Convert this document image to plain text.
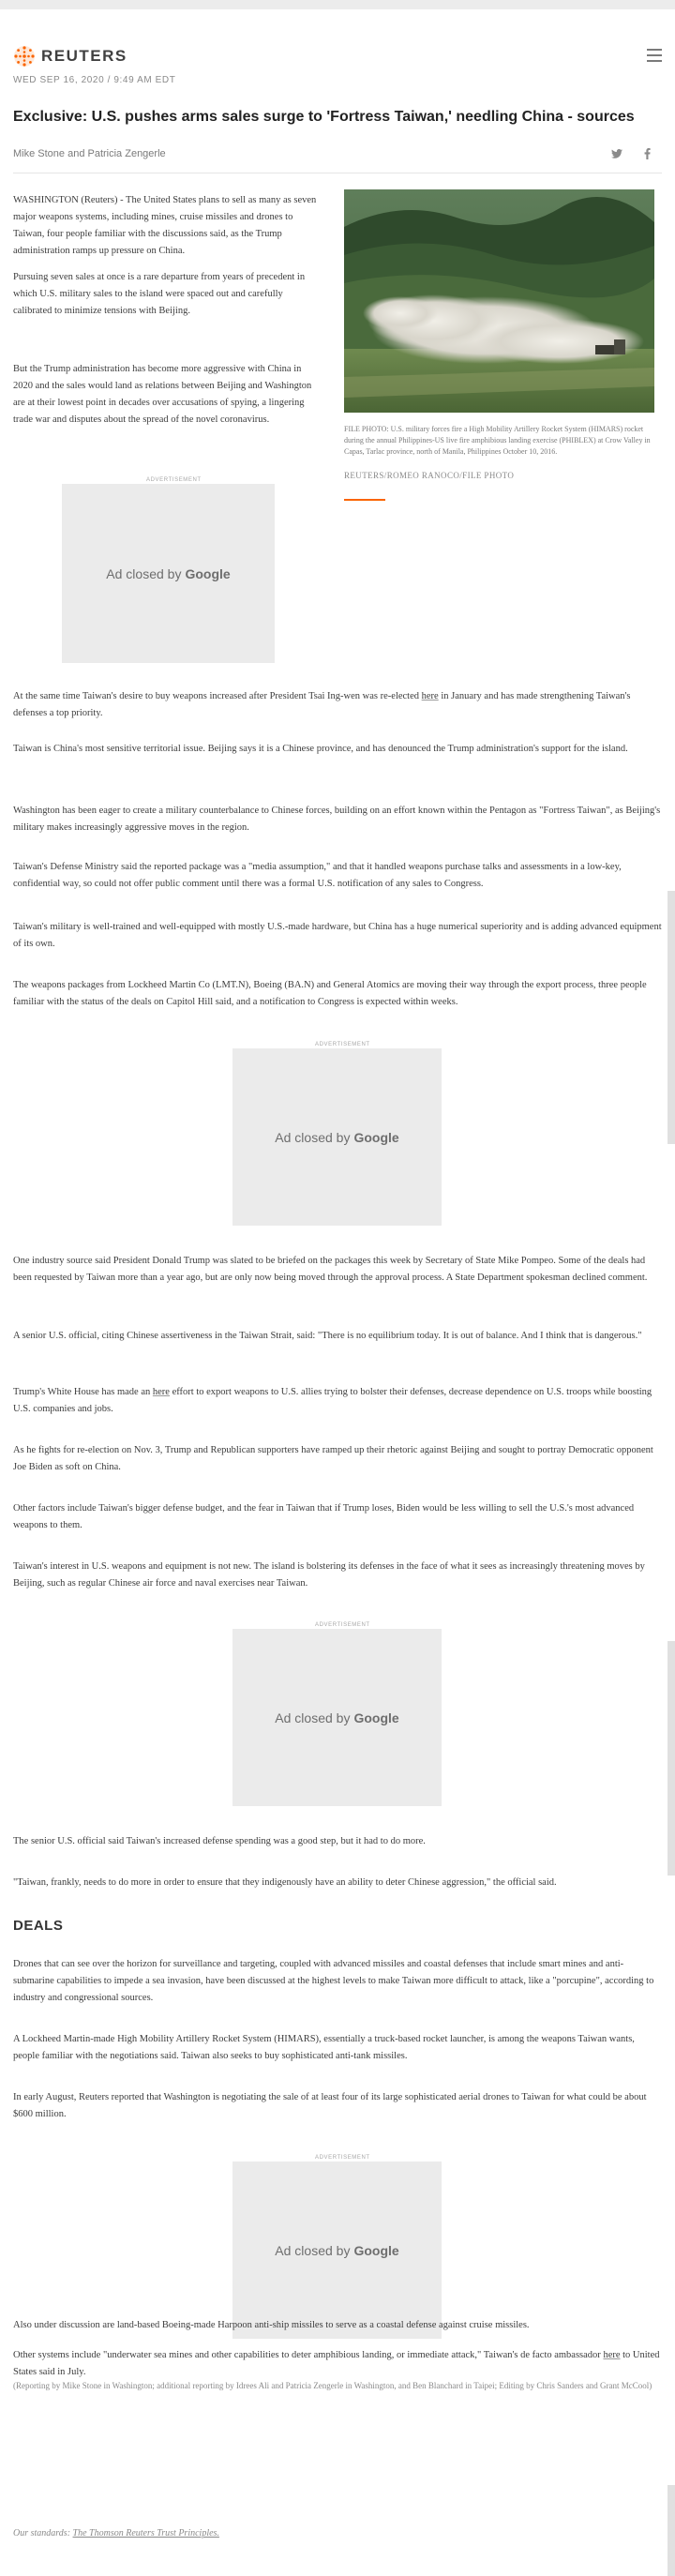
REUTERS
WED SEP 16, 2020 / 9:49 AM EDT
Exclusive: U.S. pushes arms sales surge to 'Fortress Taiwan,' needling China - sources
Mike Stone and Patricia Zengerle

WASHINGTON (Reuters) - The United States plans to sell as many as seven major weapons systems, including mines, cruise missiles and drones to Taiwan, four people familiar with the discussions said, as the Trump administration ramps up pressure on China.

Pursuing seven sales at once is a rare departure from years of precedent in which U.S. military sales to the island were spaced out and carefully calibrated to minimize tensions with Beijing.

But the Trump administration has become more aggressive with China in 2020 and the sales would land as relations between Beijing and Washington are at their lowest point in decades over accusations of spying, a lingering trade war and disputes about the spread of the novel coronavirus.

FILE PHOTO: U.S. military forces fire a High Mobility Artillery Rocket System (HIMARS) rocket during the annual Philippines-US live fire amphibious landing exercise (PHIBLEX) at Crow Valley in Capas, Tarlac province, north of Manila, Philippines October 10, 2016.

REUTERS/ROMEO RANOCO/FILE PHOTO

ADVERTISEMENT
Ad closed by Google

At the same time Taiwan's desire to buy weapons increased after President Tsai Ing-wen was re-elected here in January and has made strengthening Taiwan's defenses a top priority.

Taiwan is China's most sensitive territorial issue. Beijing says it is a Chinese province, and has denounced the Trump administration's support for the island.

Washington has been eager to create a military counterbalance to Chinese forces, building on an effort known within the Pentagon as "Fortress Taiwan", as Beijing's military makes increasingly aggressive moves in the region.

Taiwan's Defense Ministry said the reported package was a "media assumption," and that it handled weapons purchase talks and assessments in a low-key, confidential way, so could not offer public comment until there was a formal U.S. notification of any sales to Congress.

Taiwan's military is well-trained and well-equipped with mostly U.S.-made hardware, but China has a huge numerical superiority and is adding advanced equipment of its own.

The weapons packages from Lockheed Martin Co (LMT.N), Boeing (BA.N) and General Atomics are moving their way through the export process, three people familiar with the status of the deals on Capitol Hill said, and a notification to Congress is expected within weeks.

ADVERTISEMENT
Ad closed by Google

One industry source said President Donald Trump was slated to be briefed on the packages this week by Secretary of State Mike Pompeo. Some of the deals had been requested by Taiwan more than a year ago, but are only now being moved through the approval process. A State Department spokesman declined comment.

A senior U.S. official, citing Chinese assertiveness in the Taiwan Strait, said: "There is no equilibrium today. It is out of balance. And I think that is dangerous."

Trump's White House has made an here effort to export weapons to U.S. allies trying to bolster their defenses, decrease dependence on U.S. troops while boosting U.S. companies and jobs.

As he fights for re-election on Nov. 3, Trump and Republican supporters have ramped up their rhetoric against Beijing and sought to portray Democratic opponent Joe Biden as soft on China.

Other factors include Taiwan's bigger defense budget, and the fear in Taiwan that if Trump loses, Biden would be less willing to sell the U.S.'s most advanced weapons to them.

Taiwan's interest in U.S. weapons and equipment is not new. The island is bolstering its defenses in the face of what it sees as increasingly threatening moves by Beijing, such as regular Chinese air force and naval exercises near Taiwan.

ADVERTISEMENT
Ad closed by Google

The senior U.S. official said Taiwan's increased defense spending was a good step, but it had to do more.

"Taiwan, frankly, needs to do more in order to ensure that they indigenously have an ability to deter Chinese aggression," the official said.

DEALS

Drones that can see over the horizon for surveillance and targeting, coupled with advanced missiles and coastal defenses that include smart mines and anti-submarine capabilities to impede a sea invasion, have been discussed at the highest levels to make Taiwan more difficult to attack, like a "porcupine", according to industry and congressional sources.

A Lockheed Martin-made High Mobility Artillery Rocket System (HIMARS), essentially a truck-based rocket launcher, is among the weapons Taiwan wants, people familiar with the negotiations said. Taiwan also seeks to buy sophisticated anti-tank missiles.

In early August, Reuters reported that Washington is negotiating the sale of at least four of its large sophisticated aerial drones to Taiwan for what could be about $600 million.

ADVERTISEMENT
Ad closed by Google

Also under discussion are land-based Boeing-made Harpoon anti-ship missiles to serve as a coastal defense against cruise missiles.

Other systems include "underwater sea mines and other capabilities to deter amphibious landing, or immediate attack," Taiwan's de facto ambassador here to United States said in July.

(Reporting by Mike Stone in Washington; additional reporting by Idrees Ali and Patricia Zengerle in Washington, and Ben Blanchard in Taipei; Editing by Chris Sanders and Grant McCool)

Our standards: The Thomson Reuters Trust Principles.
